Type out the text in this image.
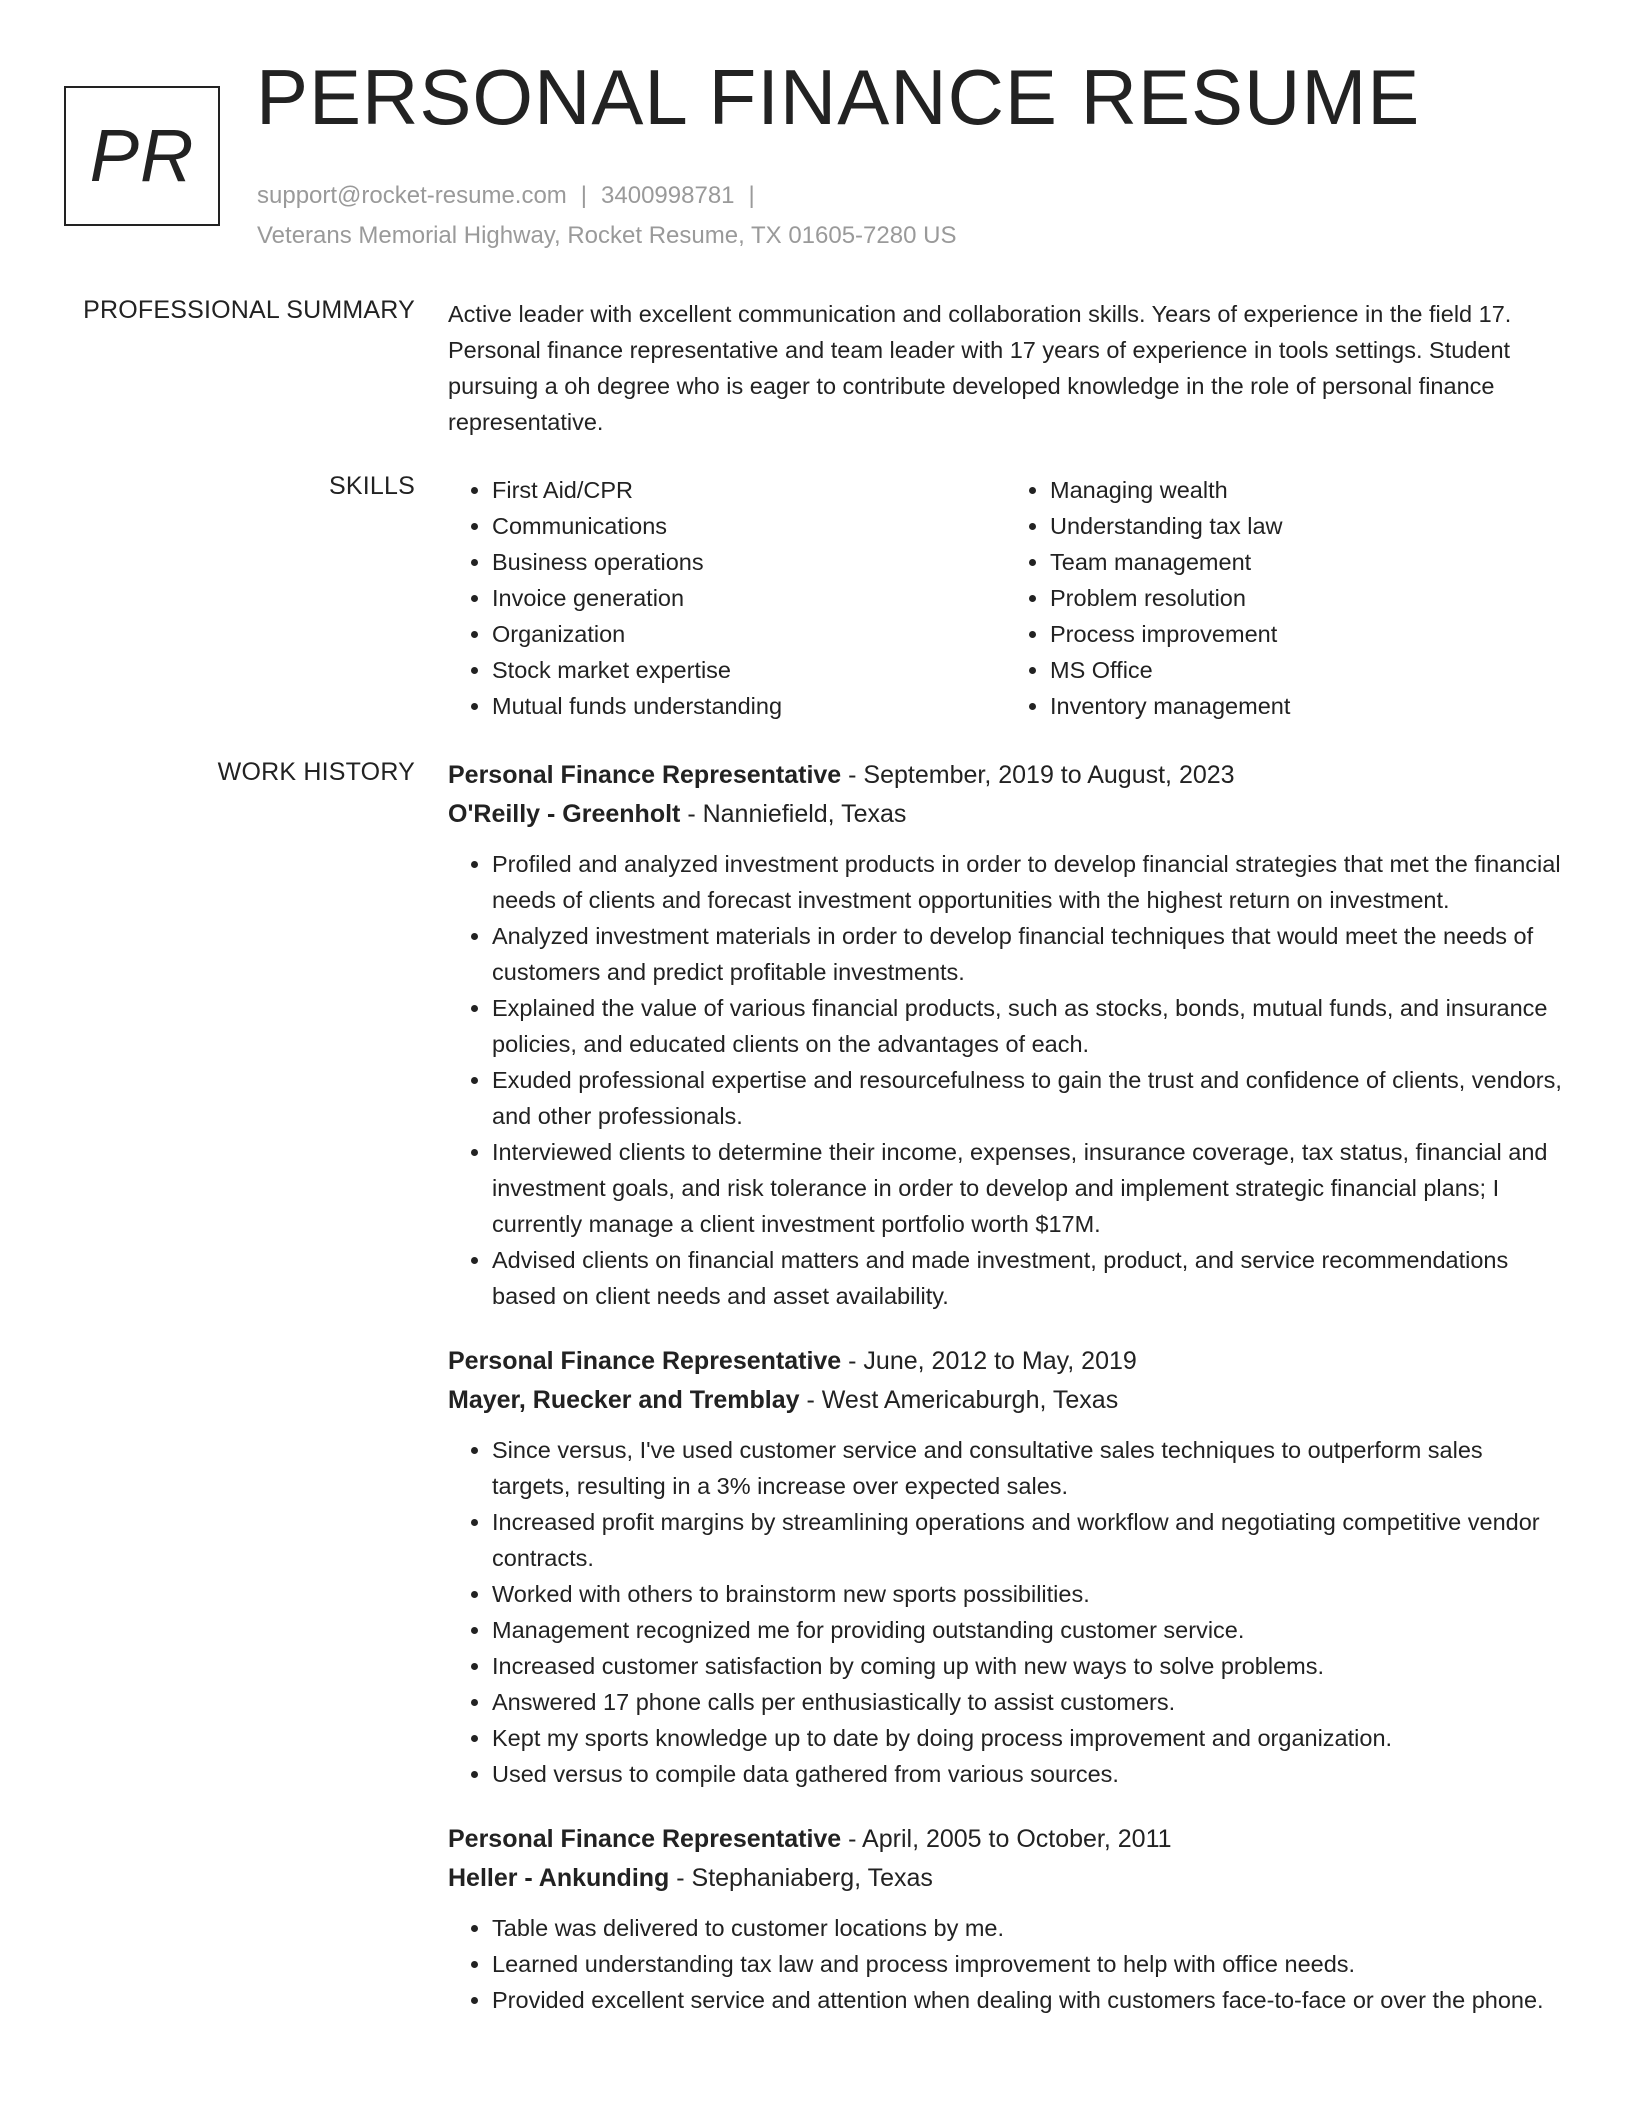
PR
PERSONAL FINANCE RESUME
support@rocket-resume.com | 3400998781 |
Veterans Memorial Highway, Rocket Resume, TX 01605-7280 US
PROFESSIONAL SUMMARY Active leader with excellent communication and collaboration skills. Years of experience in the field 17. Personal finance representative and team leader with 17 years of experience in tools settings. Student pursuing a oh degree who is eager to contribute developed knowledge in the role of personal finance representative.

SKILLS
•	First Aid/CPR
• Communications
• Business operations
• Invoice generation
• Organization
• Stock market expertise
• Mutual funds understanding
• Managing wealth
• Understanding tax law
• Team management
• Problem resolution
• Process improvement
• MS Office
• Inventory management
WORK HISTORY Personal Finance Representative - September, 2019 to August, 2023
O'Reilly - Greenholt - Nanniefield, Texas
• Profiled and analyzed investment products in order to develop financial strategies that met the financial needs of clients and forecast investment opportunities with the highest return on investment.
• Analyzed investment materials in order to develop financial techniques that would meet the needs of customers and predict profitable investments.
• Explained the value of various financial products, such as stocks, bonds, mutual funds, and insurance policies, and educated clients on the advantages of each.
• Exuded professional expertise and resourcefulness to gain the trust and confidence of clients, vendors, and other professionals.
• Interviewed clients to determine their income, expenses, insurance coverage, tax status, financial and investment goals, and risk tolerance in order to develop and implement strategic financial plans; I currently manage a client investment portfolio worth $17M.
• Advised clients on financial matters and made investment, product, and service recommendations based on client needs and asset availability.
Personal Finance Representative - June, 2012 to May, 2019
Mayer, Ruecker and Tremblay - West Americaburgh, Texas
• Since versus, I've used customer service and consultative sales techniques to outperform sales targets, resulting in a 3% increase over expected sales.
• Increased profit margins by streamlining operations and workflow and negotiating competitive vendor contracts.
• Worked with others to brainstorm new sports possibilities.
• Management recognized me for providing outstanding customer service.
• Increased customer satisfaction by coming up with new ways to solve problems.
• Answered 17 phone calls per enthusiastically to assist customers.
• Kept my sports knowledge up to date by doing process improvement and organization.
• Used versus to compile data gathered from various sources.
Personal Finance Representative - April, 2005 to October, 2011
Heller - Ankunding - Stephaniaberg, Texas
• Table was delivered to customer locations by me.
• Learned understanding tax law and process improvement to help with office needs.
• Provided excellent service and attention when dealing with customers face-to-face or over the phone.
